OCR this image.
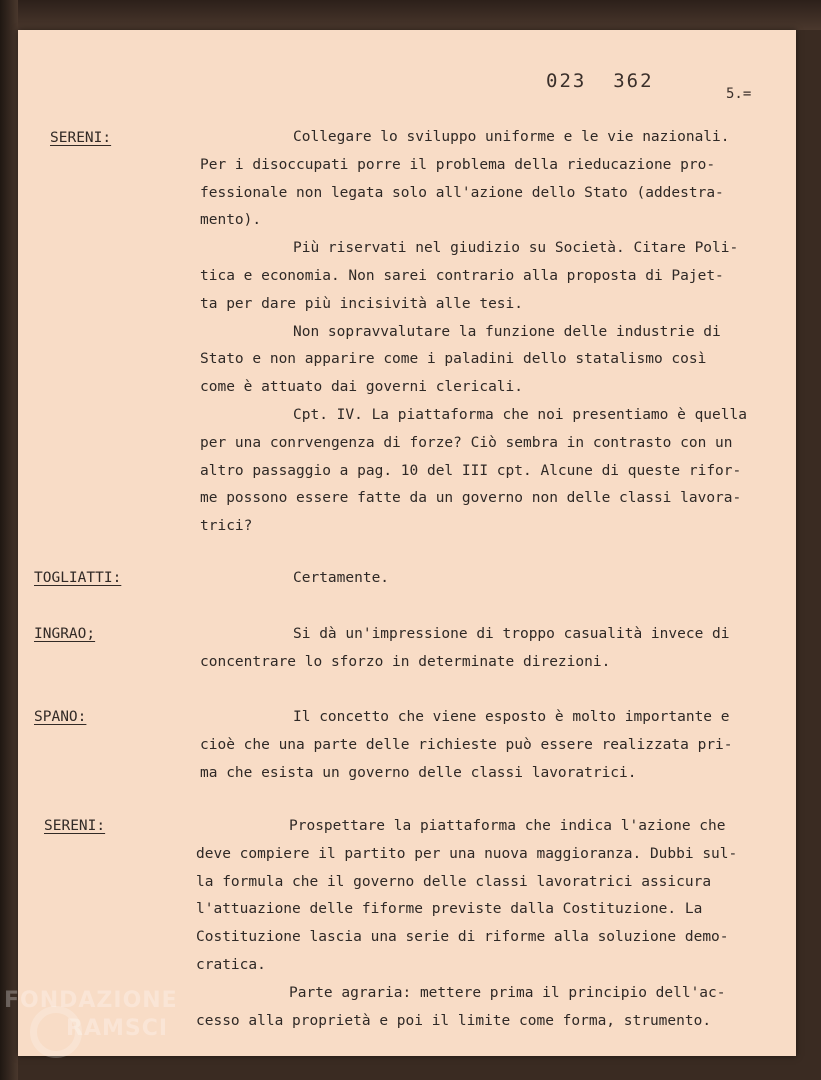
023  362

5.=

SERENI:	Collegare lo sviluppo uniforme e le vie nazionali.

Per i disoccupati porre il problema della rieducazione pro-

fessionale non legata solo all'azione dello Stato (addestra-

mento).

Più riservati nel giudizio su Società. Citare Poli-

tica e economia. Non sarei contrario alla proposta di Pajet-

ta per dare più incisività alle tesi.

Non sopravvalutare la funzione delle industrie di

Stato e non apparire come i paladini dello statalismo così

come è attuato dai governi clericali.

Cpt. IV. La piattaforma che noi presentiamo è quella

per una conrvengenza di forze? Ciò sembra in contrasto con un

altro passaggio a pag. 10 del III cpt. Alcune di queste rifor-

me possono essere fatte da un governo non delle classi lavora-

trici?

TOGLIATTI:	Certamente.

INGRAO;	Si dà un'impressione di troppo casualità invece di

concentrare lo sforzo in determinate direzioni.

SPANO:	Il concetto che viene esposto è molto importante e

cioè che una parte delle richieste può essere realizzata pri-

ma che esista un governo delle classi lavoratrici.

SERENI:	Prospettare la piattaforma che indica l'azione che

deve compiere il partito per una nuova maggioranza. Dubbi sul-

la formula che il governo delle classi lavoratrici assicura

l'attuazione delle fiforme previste dalla Costituzione. La

Costituzione lascia una serie di riforme alla soluzione demo-

cratica.

Parte agraria: mettere prima il principio dell'ac-

cesso alla proprietà e poi il limite come forma, strumento.

FONDAZIONE
RAMSCI
